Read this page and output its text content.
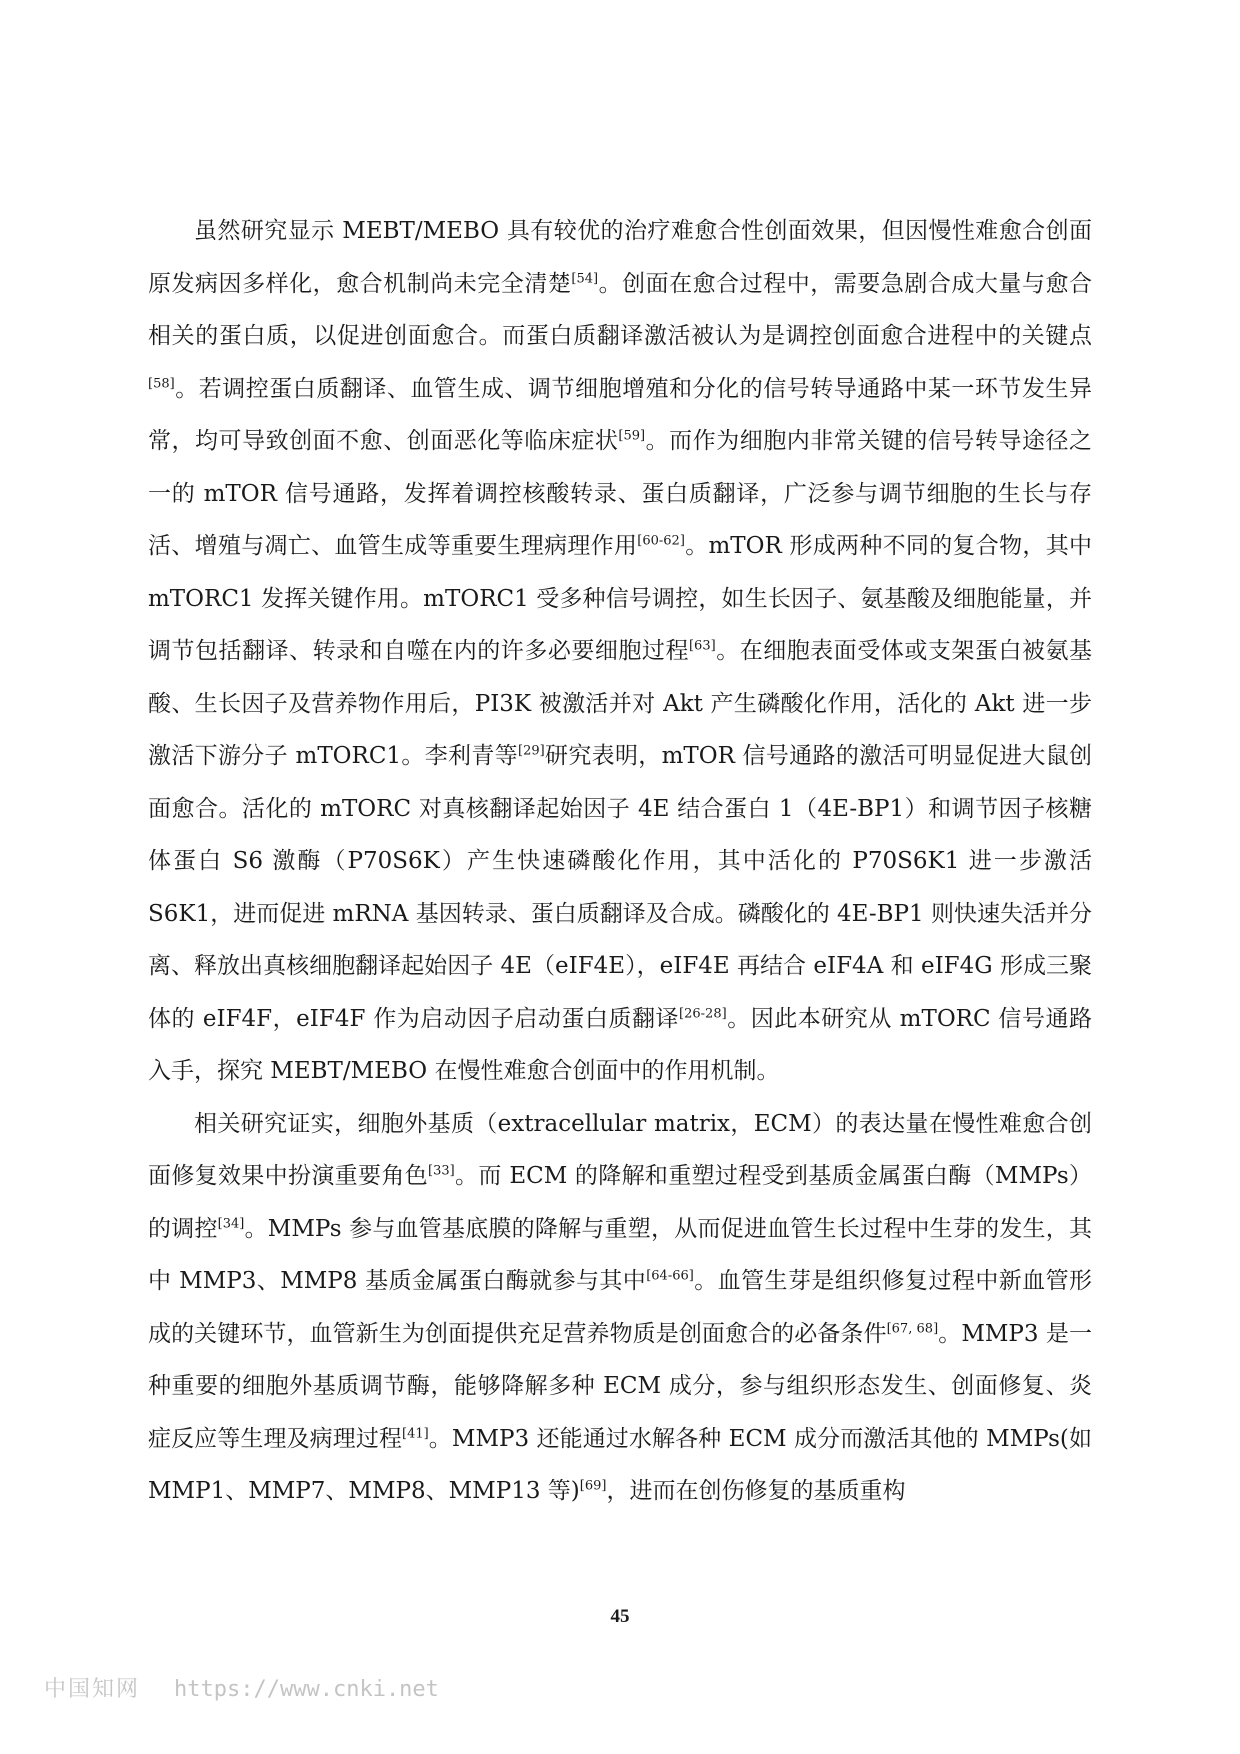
虽然研究显示 MEBT/MEBO 具有较优的治疗难愈合性创面效果，但因慢性难愈合创面原发病因多样化，愈合机制尚未完全清楚[54]。创面在愈合过程中，需要急剧合成大量与愈合相关的蛋白质，以促进创面愈合。而蛋白质翻译激活被认为是调控创面愈合进程中的关键点[58]。若调控蛋白质翻译、血管生成、调节细胞增殖和分化的信号转导通路中某一环节发生异常，均可导致创面不愈、创面恶化等临床症状[59]。而作为细胞内非常关键的信号转导途径之一的 mTOR 信号通路，发挥着调控核酸转录、蛋白质翻译，广泛参与调节细胞的生长与存活、增殖与凋亡、血管生成等重要生理病理作用[60-62]。mTOR 形成两种不同的复合物，其中 mTORC1 发挥关键作用。mTORC1 受多种信号调控，如生长因子、氨基酸及细胞能量，并调节包括翻译、转录和自噬在内的许多必要细胞过程[63]。在细胞表面受体或支架蛋白被氨基酸、生长因子及营养物作用后，PI3K 被激活并对 Akt 产生磷酸化作用，活化的 Akt 进一步激活下游分子 mTORC1。李利青等[29]研究表明，mTOR 信号通路的激活可明显促进大鼠创面愈合。活化的 mTORC 对真核翻译起始因子 4E 结合蛋白 1（4E-BP1）和调节因子核糖体蛋白 S6 激酶（P70S6K）产生快速磷酸化作用，其中活化的 P70S6K1 进一步激活 S6K1，进而促进 mRNA 基因转录、蛋白质翻译及合成。磷酸化的 4E-BP1 则快速失活并分离、释放出真核细胞翻译起始因子 4E（eIF4E），eIF4E 再结合 eIF4A 和 eIF4G 形成三聚体的 eIF4F，eIF4F 作为启动因子启动蛋白质翻译[26-28]。因此本研究从 mTORC 信号通路入手，探究 MEBT/MEBO 在慢性难愈合创面中的作用机制。

相关研究证实，细胞外基质（extracellular matrix，ECM）的表达量在慢性难愈合创面修复效果中扮演重要角色[33]。而 ECM 的降解和重塑过程受到基质金属蛋白酶（MMPs）的调控[34]。MMPs 参与血管基底膜的降解与重塑，从而促进血管生长过程中生芽的发生，其中 MMP3、MMP8 基质金属蛋白酶就参与其中[64-66]。血管生芽是组织修复过程中新血管形成的关键环节，血管新生为创面提供充足营养物质是创面愈合的必备条件[67, 68]。MMP3 是一种重要的细胞外基质调节酶，能够降解多种 ECM 成分，参与组织形态发生、创面修复、炎症反应等生理及病理过程[41]。MMP3 还能通过水解各种 ECM 成分而激活其他的 MMPs(如 MMP1、MMP7、MMP8、MMP13 等)[69]，进而在创伤修复的基质重构

45
中国知网 https://www.cnki.net
